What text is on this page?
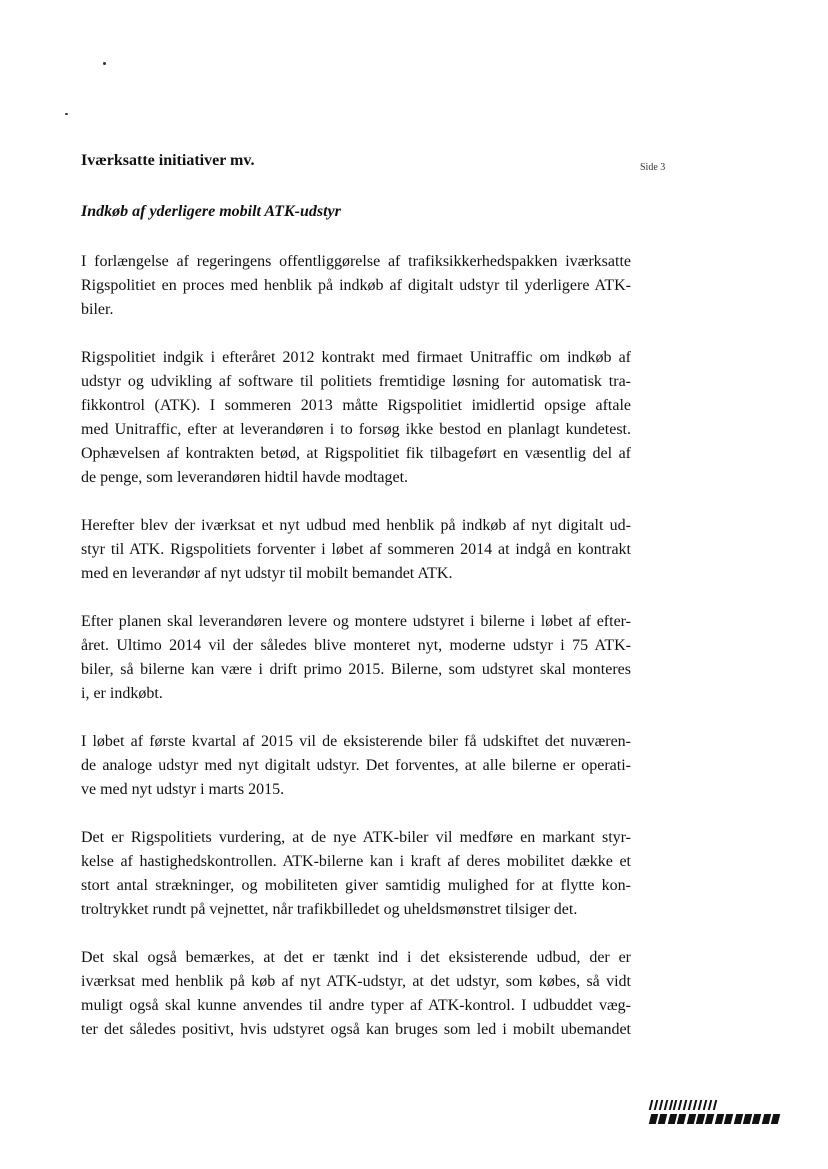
Side 3
Iværksatte initiativer mv.
Indkøb af yderligere mobilt ATK-udstyr

I forlængelse af regeringens offentliggørelse af trafiksikkerhedspakken iværksatte
Rigspolitiet en proces med henblik på indkøb af digitalt udstyr til yderligere ATK-
biler.

Rigspolitiet indgik i efteråret 2012 kontrakt med firmaet Unitraffic om indkøb af
udstyr og udvikling af software til politiets fremtidige løsning for automatisk tra-
fikkontrol (ATK). I sommeren 2013 måtte Rigspolitiet imidlertid opsige aftale
med Unitraffic, efter at leverandøren i to forsøg ikke bestod en planlagt kundetest.
Ophævelsen af kontrakten betød, at Rigspolitiet fik tilbageført en væsentlig del af
de penge, som leverandøren hidtil havde modtaget.

Herefter blev der iværksat et nyt udbud med henblik på indkøb af nyt digitalt ud-
styr til ATK. Rigspolitiets forventer i løbet af sommeren 2014 at indgå en kontrakt
med en leverandør af nyt udstyr til mobilt bemandet ATK.

Efter planen skal leverandøren levere og montere udstyret i bilerne i løbet af efter-
året. Ultimo 2014 vil der således blive monteret nyt, moderne udstyr i 75 ATK-
biler, så bilerne kan være i drift primo 2015. Bilerne, som udstyret skal monteres
i, er indkøbt.

I løbet af første kvartal af 2015 vil de eksisterende biler få udskiftet det nuværen-
de analoge udstyr med nyt digitalt udstyr. Det forventes, at alle bilerne er operati-
ve med nyt udstyr i marts 2015.

Det er Rigspolitiets vurdering, at de nye ATK-biler vil medføre en markant styr-
kelse af hastighedskontrollen. ATK-bilerne kan i kraft af deres mobilitet dække et
stort antal strækninger, og mobiliteten giver samtidig mulighed for at flytte kon-
troltrykket rundt på vejnettet, når trafikbilledet og uheldsmønstret tilsiger det.

Det skal også bemærkes, at det er tænkt ind i det eksisterende udbud, der er
iværksat med henblik på køb af nyt ATK-udstyr, at det udstyr, som købes, så vidt
muligt også skal kunne anvendes til andre typer af ATK-kontrol. I udbuddet væg-
ter det således positivt, hvis udstyret også kan bruges som led i mobilt ubemandet
